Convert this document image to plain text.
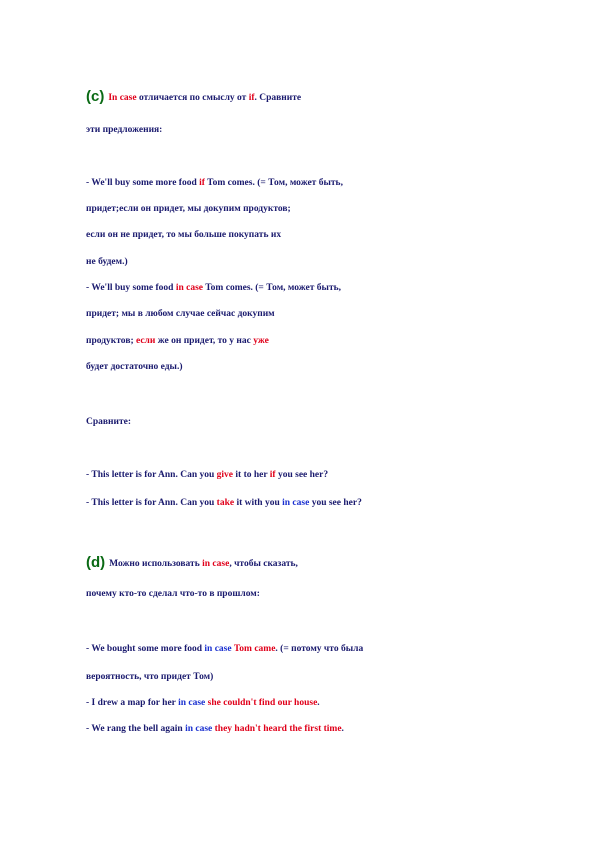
(c) In case отличается по смыслу от if. Сравните
эти предложения:
- We'll buy some more food if Tom comes. (= Том, может быть,
придет;если он придет, мы докупим продуктов;
если он не придет, то мы больше покупать их
не будем.)
- We'll buy some food in case Tom comes. (= Том, может быть,
придет; мы в любом случае сейчас докупим
продуктов; если же он придет, то у нас уже
будет достаточно еды.)
Сравните:
- This letter is for Ann. Can you give it to her if you see her?
- This letter is for Ann. Can you take it with you in case you see her?
(d) Можно использовать in case, чтобы сказать,
почему кто-то сделал что-то в прошлом:
- We bought some more food in case Tom came. (= потому что была
вероятность, что придет Том)
- I drew a map for her in case she couldn't find our house.
- We rang the bell again in case they hadn't heard the first time.
